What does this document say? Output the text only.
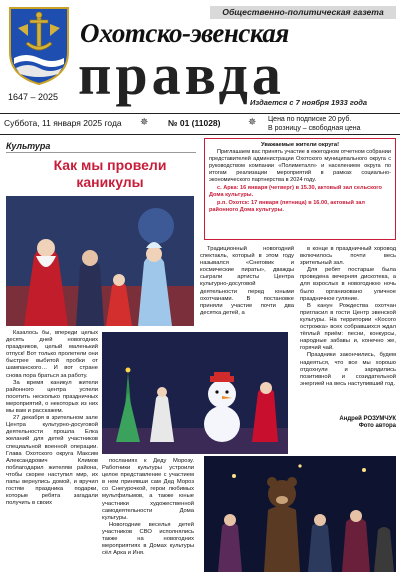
1647 – 2025
Общественно-политическая газета
Охотско-эвенская
правда
Издается с 7 ноября 1933 года
Суббота, 11 января 2025 года ✵ № 01 (11028)	✵ Цена по подписке 20 руб.
В розницу – свободная цена
Культура
Как мы провели каникулы
Уважаемые жители округа!
Приглашаем вас принять участие в ежегодном отчетном собрании представителей администрации Охотского муниципального округа с руководством компании «Полиметалл» и населением округа по итогам реализации мероприятий в рамках социально-экономического партнерства в 2024 году.
с. Арка: 16 января (четверг) в 15.30, актовый зал сельского Дома культуры.
р.п. Охотск: 17 января (пятница) в 16.00, актовый зал районного Дома культуры.

Казалось бы, впереди целых десять дней новогодних праздников, целый маленький отпуск! Вот только пролетели они быстрее выбитой пробки от шампанского… И вот стране снова пора браться за работу.

За время каникул жители районного центра успели посетить несколько праздничных мероприятий, о некоторых из них мы вам и расскажем.

27 декабря в зрительном зале Центра культурно-досуговой деятельности прошла Елка желаний для детей участников специальной военной операции. Глава Охотского округа Максим Александрович Климов поблагодарил жителям района, чтобы скорее наступил мир, их папы вернулись домой, и вручил гостям праздника подарки, которые ребята загадали получить в своих

посланиях к Деду Морозу. Работники культуры устроили целое представление с участием в нем принявши сам Дед Мороз со Снегурочкой, герои любимых мультфильмов, а также юные участники художественной самодеятельности Дома культуры.

Новогодние веселья детей участников СВО исполнялись также на новогодних мероприятиях в Домах культуры сёл Арка и Иня.

Традиционный новогодний спектакль, который в этом году назывался «Снеговик и космические пираты», дважды сыграли артисты Центра культурно-досуговой деятельности перед юными охотчанами. В постановке приняли участие почти два десятка детей, а

в конце в праздничный хоровод включилось почти весь зрительный зал.

Для ребят постарше была проведена вечерняя дискотека, а для взрослых в новогоднюю ночь было организовано уличное праздничное гуляние.

В канун Рождества охотчан пригласил в гости Центр эвенской культуры. На территории «Косого острожка» всех собравшихся ждал тёплый приём: песни, конкурсы, народные забавы и, конечно же, горячий чай.

Праздники закончились, будем надеяться, что все мы хорошо отдохнули и зарядились позитивной и созидательной энергией на весь наступивший год.

Андрей РОЗУМЧУК
Фото автора
